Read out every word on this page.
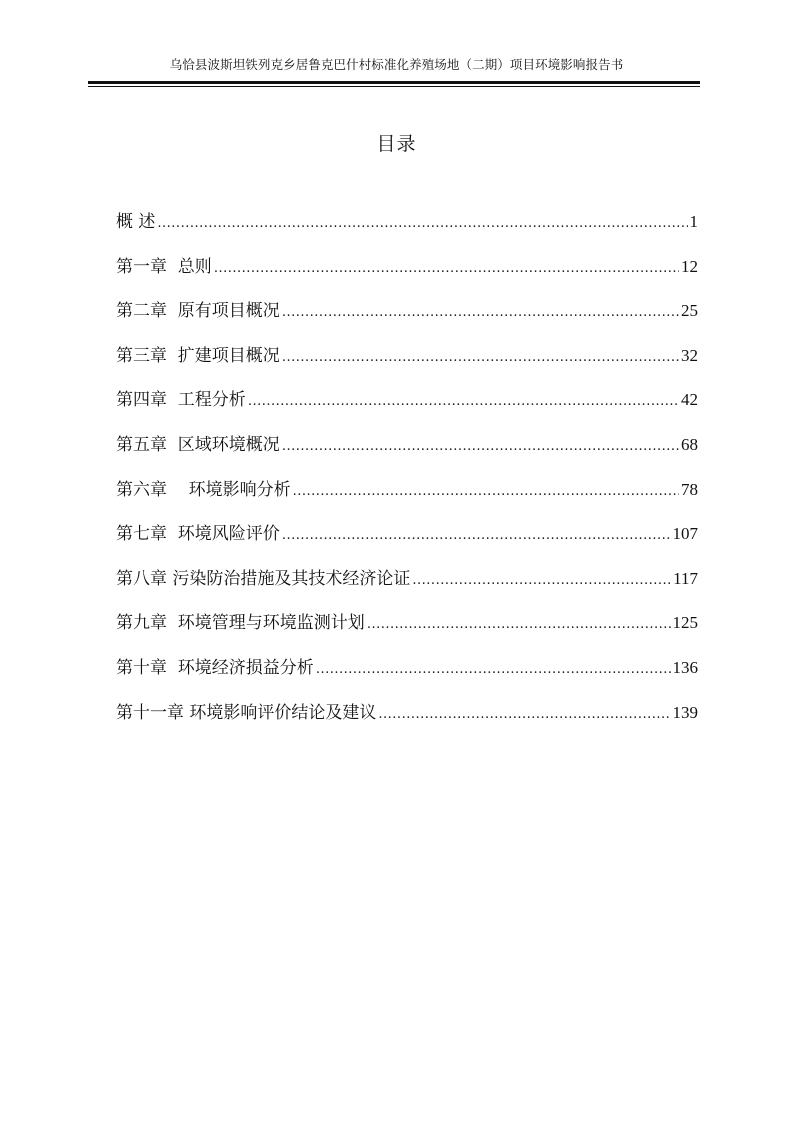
乌恰县波斯坦铁列克乡居鲁克巴什村标准化养殖场地（二期）项目环境影响报告书
目录
概 述 .....	1
第一章  总则 .....	12
第二章  原有项目概况 .....	25
第三章  扩建项目概况 .....	32
第四章  工程分析 .....	42
第五章  区域环境概况 .....	68
第六章    环境影响分析 .....	78
第七章  环境风险评价 .....	107
第八章 污染防治措施及其技术经济论证 .....	117
第九章  环境管理与环境监测计划 .....	125
第十章  环境经济损益分析 .....	136
第十一章 环境影响评价结论及建议 .....	139
